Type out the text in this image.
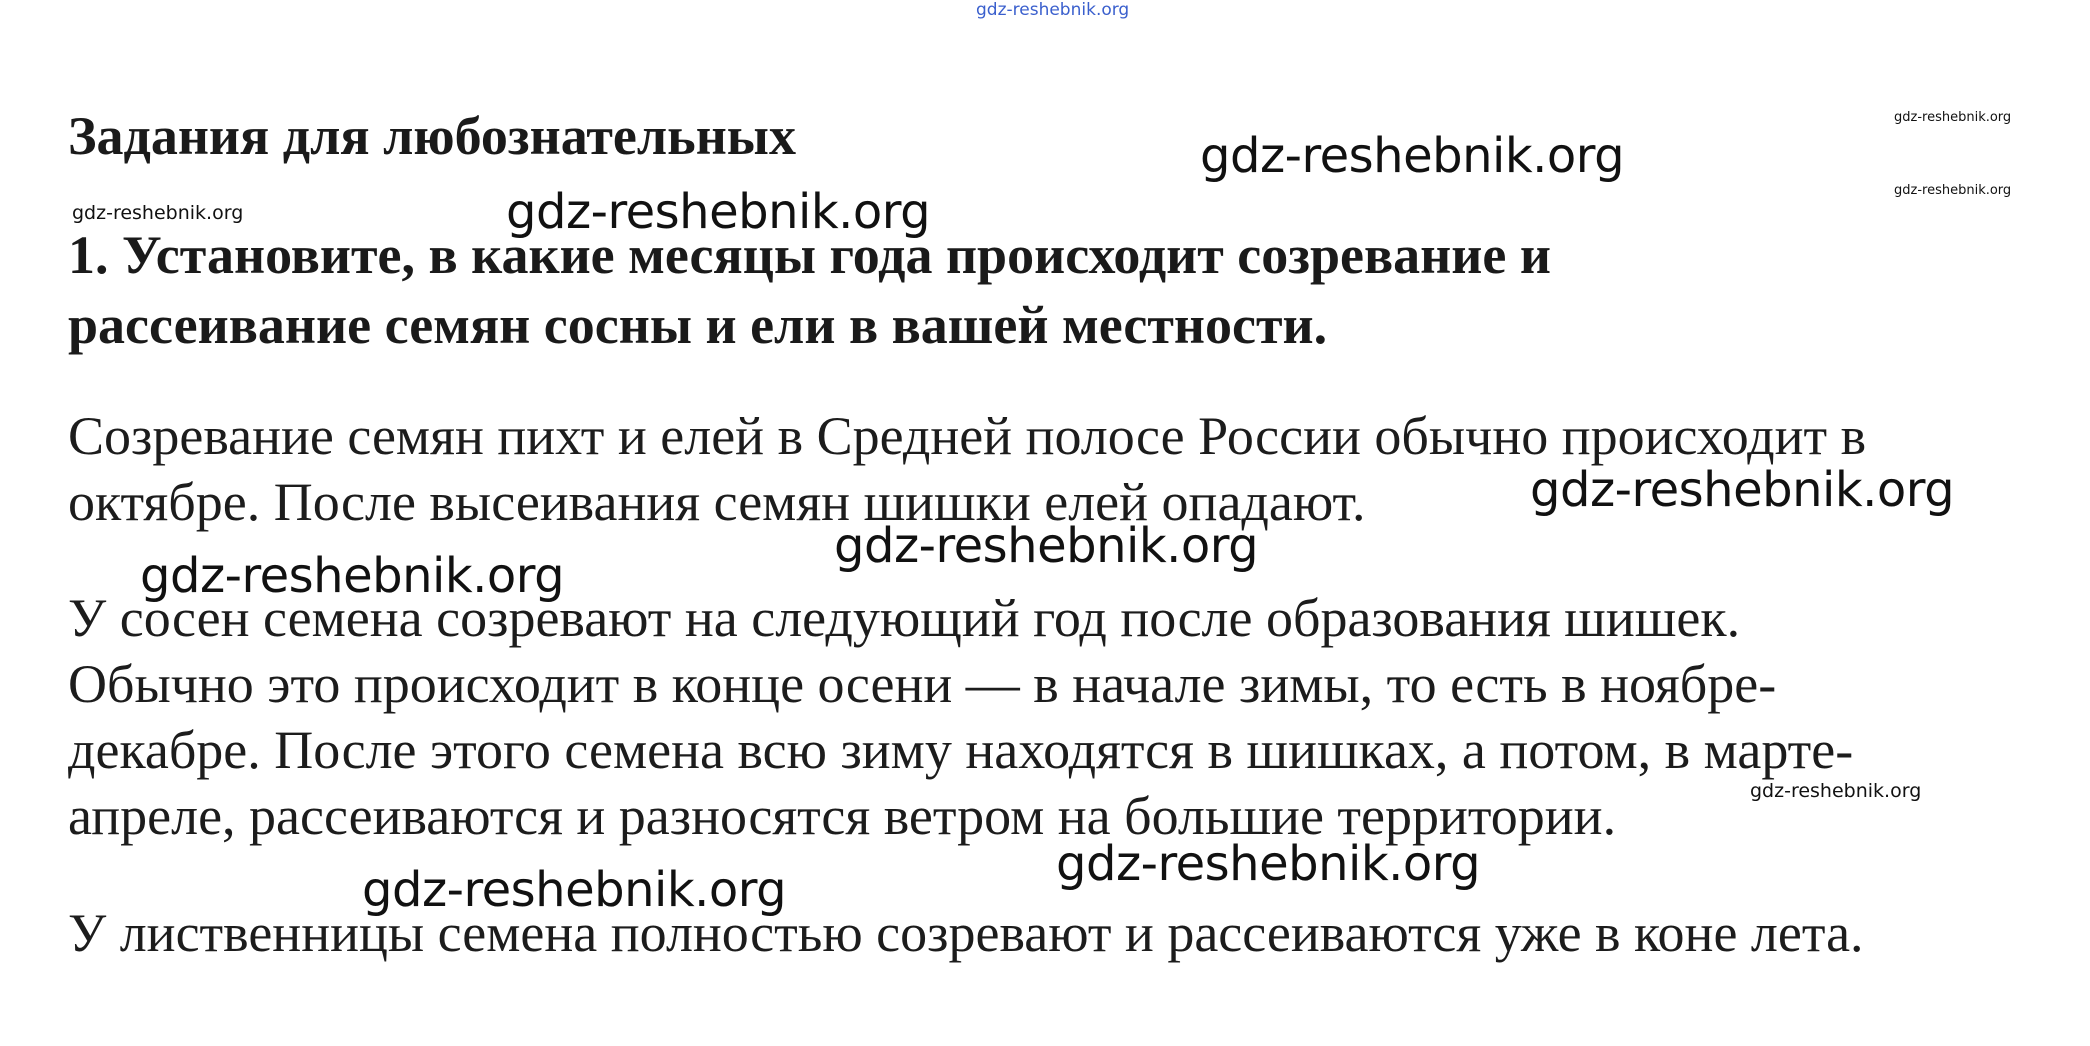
gdz-reshebnik.org
gdz-reshebnik.org
gdz-reshebnik.org
gdz-reshebnik.org
gdz-reshebnik.org	gdz-reshebnik.org
gdz-reshebnik.org
gdz-reshebnik.org
gdz-reshebnik.org
gdz-reshebnik.org
gdz-reshebnik.org
gdz-reshebnik.org
Задания для любознательных
1. Установите, в какие месяцы года происходит созревание и
рассеивание семян сосны и ели в вашей местности.

Созревание семян пихт и елей в Средней полосе России обычно происходит в
октябре. После высеивания семян шишки елей опадают.

У сосен семена созревают на следующий год после образования шишек.
Обычно это происходит в конце осени — в начале зимы, то есть в ноябре-
декабре. После этого семена всю зиму находятся в шишках, а потом, в марте-
апреле, рассеиваются и разносятся ветром на большие территории.

У лиственницы семена полностью созревают и рассеиваются уже в коне лета.
